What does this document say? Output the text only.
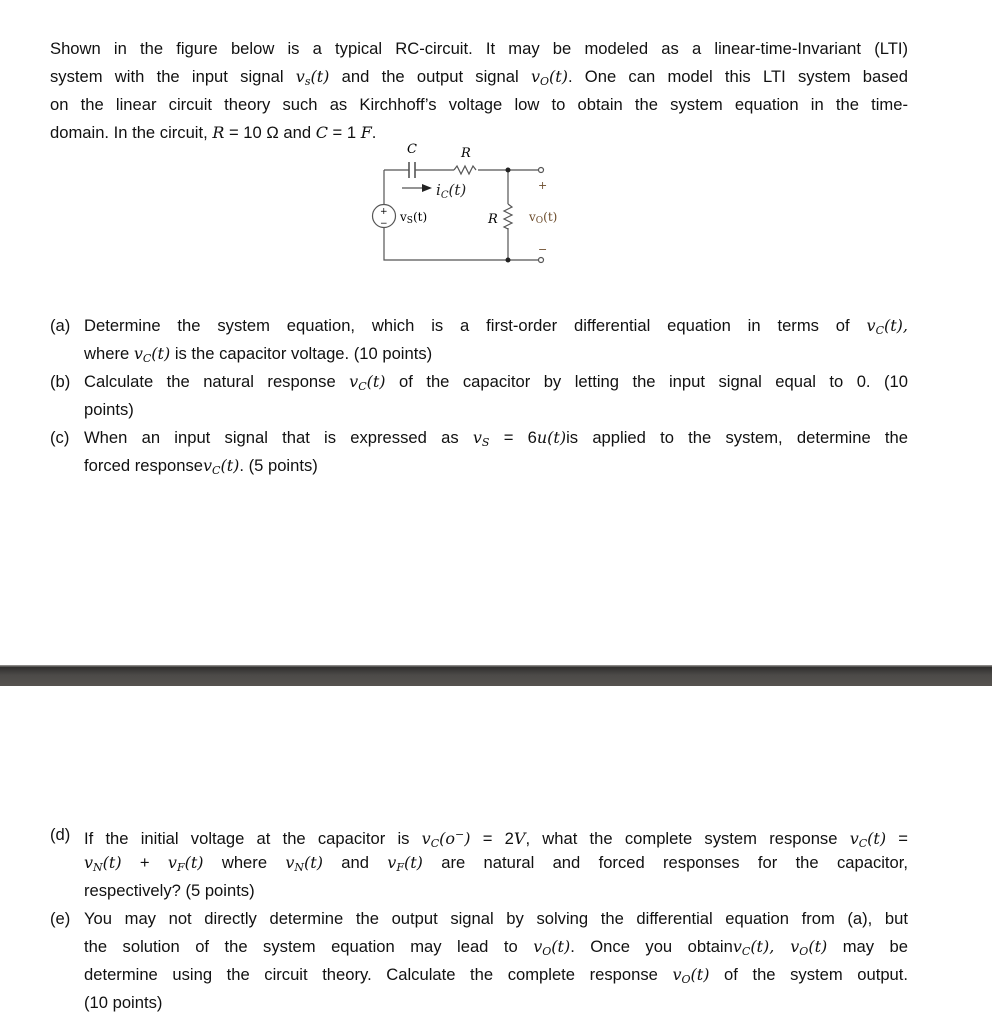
Shown in the figure below is a typical RC-circuit. It may be modeled as a linear-time-Invariant (LTI)
system with the input signal $v_s(t)$ and the output signal $v_O(t)$. One can model this LTI system based
on the linear circuit theory such as Kirchhoff’s voltage low to obtain the system equation in the time-
domain. In the circuit, R = 10 Ω and C = 1 F.
C	R
R
$i_C(t)$
vS(t)	vO(t)
+
−
+
−
(a) Determine the system equation, which is a first-order differential equation in terms of $v_C(t)$,
where $v_C(t)$ is the capacitor voltage. (10 points)
(b) Calculate the natural response $v_C(t)$ of the capacitor by letting the input signal equal to 0. (10
points)
(c) When an input signal that is expressed as $v_S = 6u(t)is$ applied to the system, determine the
forced responsev$_C$(t). (5 points)
(d) If the initial voltage at the capacitor is $v_C(o^-) = 2V$, what the complete system response $v_C(t)$ =
$v_N(t) + v_F(t)$ where $v_N(t)$ and $v_F(t)$ are natural and forced responses for the capacitor,
respectively? (5 points)
(e) You may not directly determine the output signal by solving the differential equation from (a), but
the solution of the system equation may lead to $v_O(t)$. Once you obtainv$_C$(t), $v_O(t)$ may be
determine using the circuit theory. Calculate the complete response $v_O(t)$ of the system output.
(10 points)
